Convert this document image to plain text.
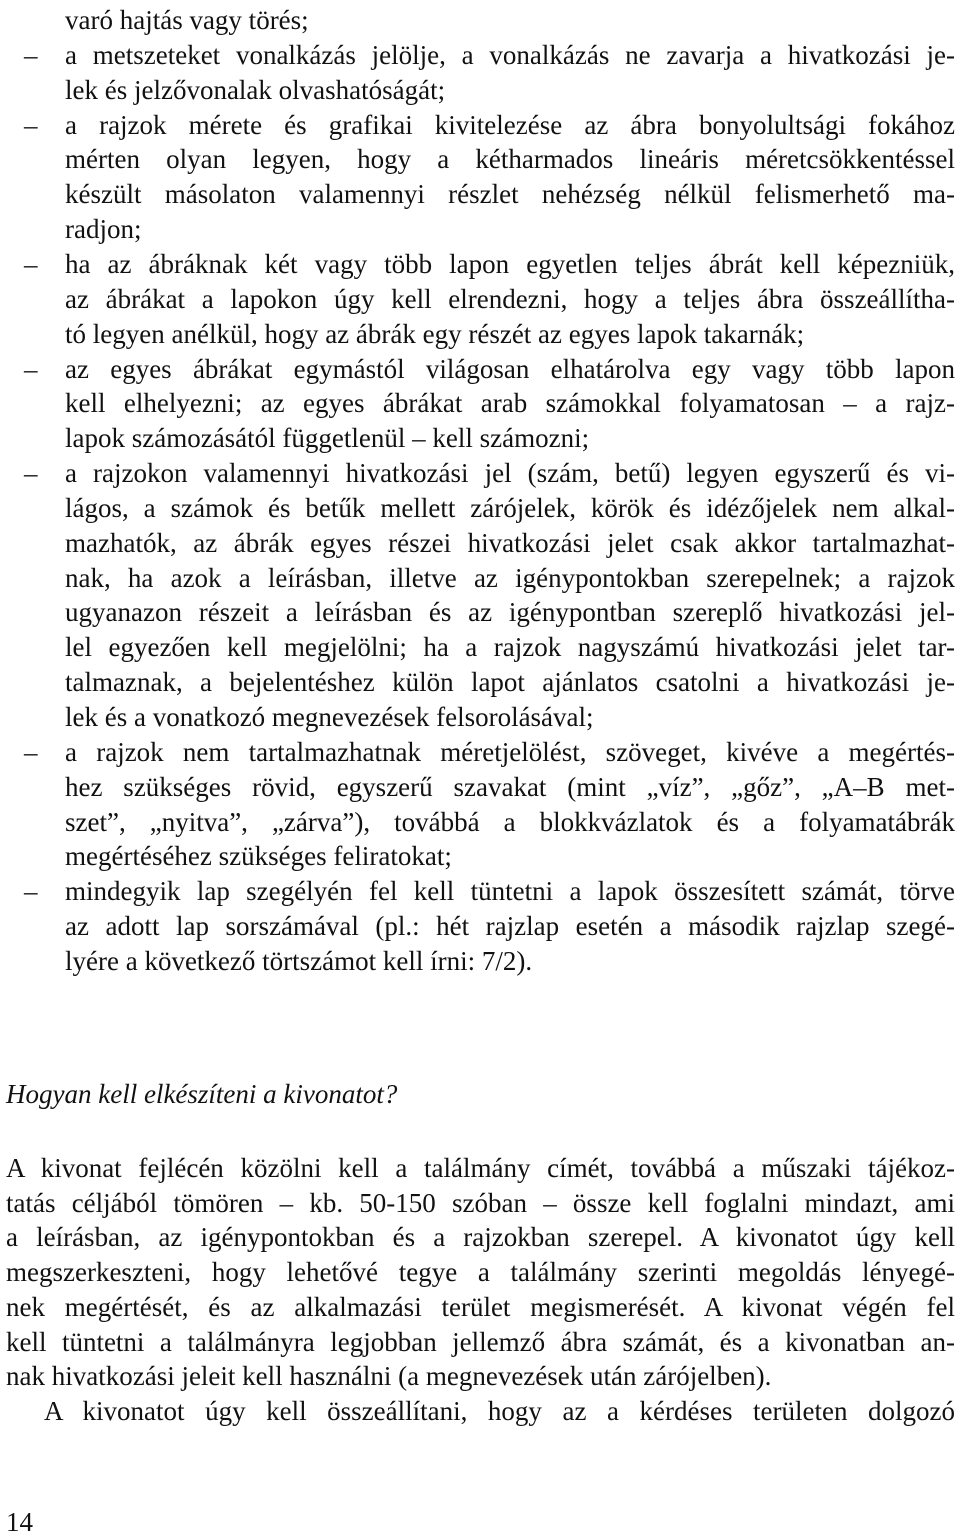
varó hajtás vagy törés;
– a metszeteket vonalkázás jelölje, a vonalkázás ne zavarja a hivatkozási je-
lek és jelzővonalak olvashatóságát;
– a rajzok mérete és grafikai kivitelezése az ábra bonyolultsági fokához
mérten olyan legyen, hogy a kétharmados lineáris méretcsökkentéssel
készült másolaton valamennyi részlet nehézség nélkül felismerhető ma-
radjon;
– ha az ábráknak két vagy több lapon egyetlen teljes ábrát kell képezniük,
az ábrákat a lapokon úgy kell elrendezni, hogy a teljes ábra összeállítha-
tó legyen anélkül, hogy az ábrák egy részét az egyes lapok takarnák;
– az egyes ábrákat egymástól világosan elhatárolva egy vagy több lapon
kell elhelyezni; az egyes ábrákat arab számokkal folyamatosan – a rajz-
lapok számozásától függetlenül – kell számozni;
– a rajzokon valamennyi hivatkozási jel (szám, betű) legyen egyszerű és vi-
lágos, a számok és betűk mellett zárójelek, körök és idézőjelek nem alkal-
mazhatók, az ábrák egyes részei hivatkozási jelet csak akkor tartalmazhat-
nak, ha azok a leírásban, illetve az igénypontokban szerepelnek; a rajzok
ugyanazon részeit a leírásban és az igénypontban szereplő hivatkozási jel-
lel egyezően kell megjelölni; ha a rajzok nagyszámú hivatkozási jelet tar-
talmaznak, a bejelentéshez külön lapot ajánlatos csatolni a hivatkozási je-
lek és a vonatkozó megnevezések felsorolásával;
– a rajzok nem tartalmazhatnak méretjelölést, szöveget, kivéve a megértés-
hez szükséges rövid, egyszerű szavakat (mint „víz”, „gőz”, „A–B met-
szet”, „nyitva”, „zárva”), továbbá a blokkvázlatok és a folyamatábrák
megértéséhez szükséges feliratokat;
– mindegyik lap szegélyén fel kell tüntetni a lapok összesített számát, törve
az adott lap sorszámával (pl.: hét rajzlap esetén a második rajzlap szegé-
lyére a következő törtszámot kell írni: 7/2).
Hogyan kell elkészíteni a kivonatot?
A kivonat fejlécén közölni kell a találmány címét, továbbá a műszaki tájékoz-
tatás céljából tömören – kb. 50-150 szóban – össze kell foglalni mindazt, ami
a leírásban, az igénypontokban és a rajzokban szerepel. A kivonatot úgy kell
megszerkeszteni, hogy lehetővé tegye a találmány szerinti megoldás lényegé-
nek megértését, és az alkalmazási terület megismerését. A kivonat végén fel
kell tüntetni a találmányra legjobban jellemző ábra számát, és a kivonatban an-
nak hivatkozási jeleit kell használni (a megnevezések után zárójelben).
A kivonatot úgy kell összeállítani, hogy az a kérdéses területen dolgozó
14
